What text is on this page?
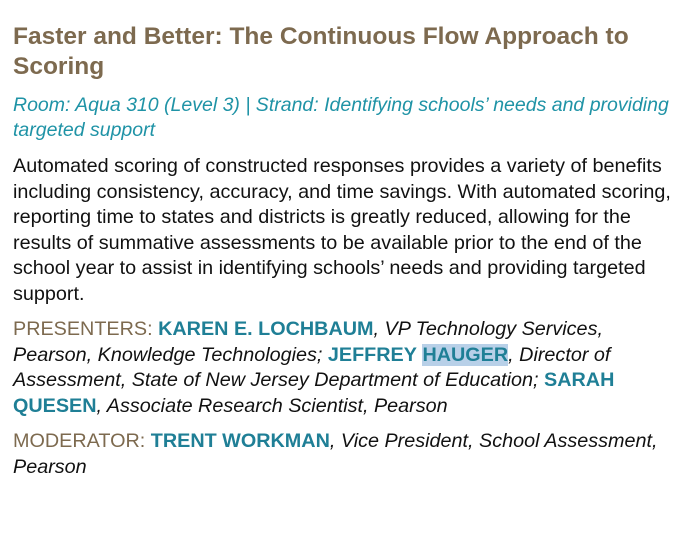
Faster and Better: The Continuous Flow Approach to Scoring

Room: Aqua 310 (Level 3) | Strand: Identifying schools’ needs and providing targeted support

Automated scoring of constructed responses provides a variety of benefits including consistency, accuracy, and time savings. With automated scoring, reporting time to states and districts is greatly reduced, allowing for the results of summative assessments to be available prior to the end of the school year to assist in identifying schools’ needs and providing targeted support.

PRESENTERS: KAREN E. LOCHBAUM, VP Technology Services, Pearson, Knowledge Technologies; JEFFREY HAUGER, Director of Assessment, State of New Jersey Department of Education; SARAH QUESEN, Associate Research Scientist, Pearson

MODERATOR: TRENT WORKMAN, Vice President, School Assessment, Pearson
